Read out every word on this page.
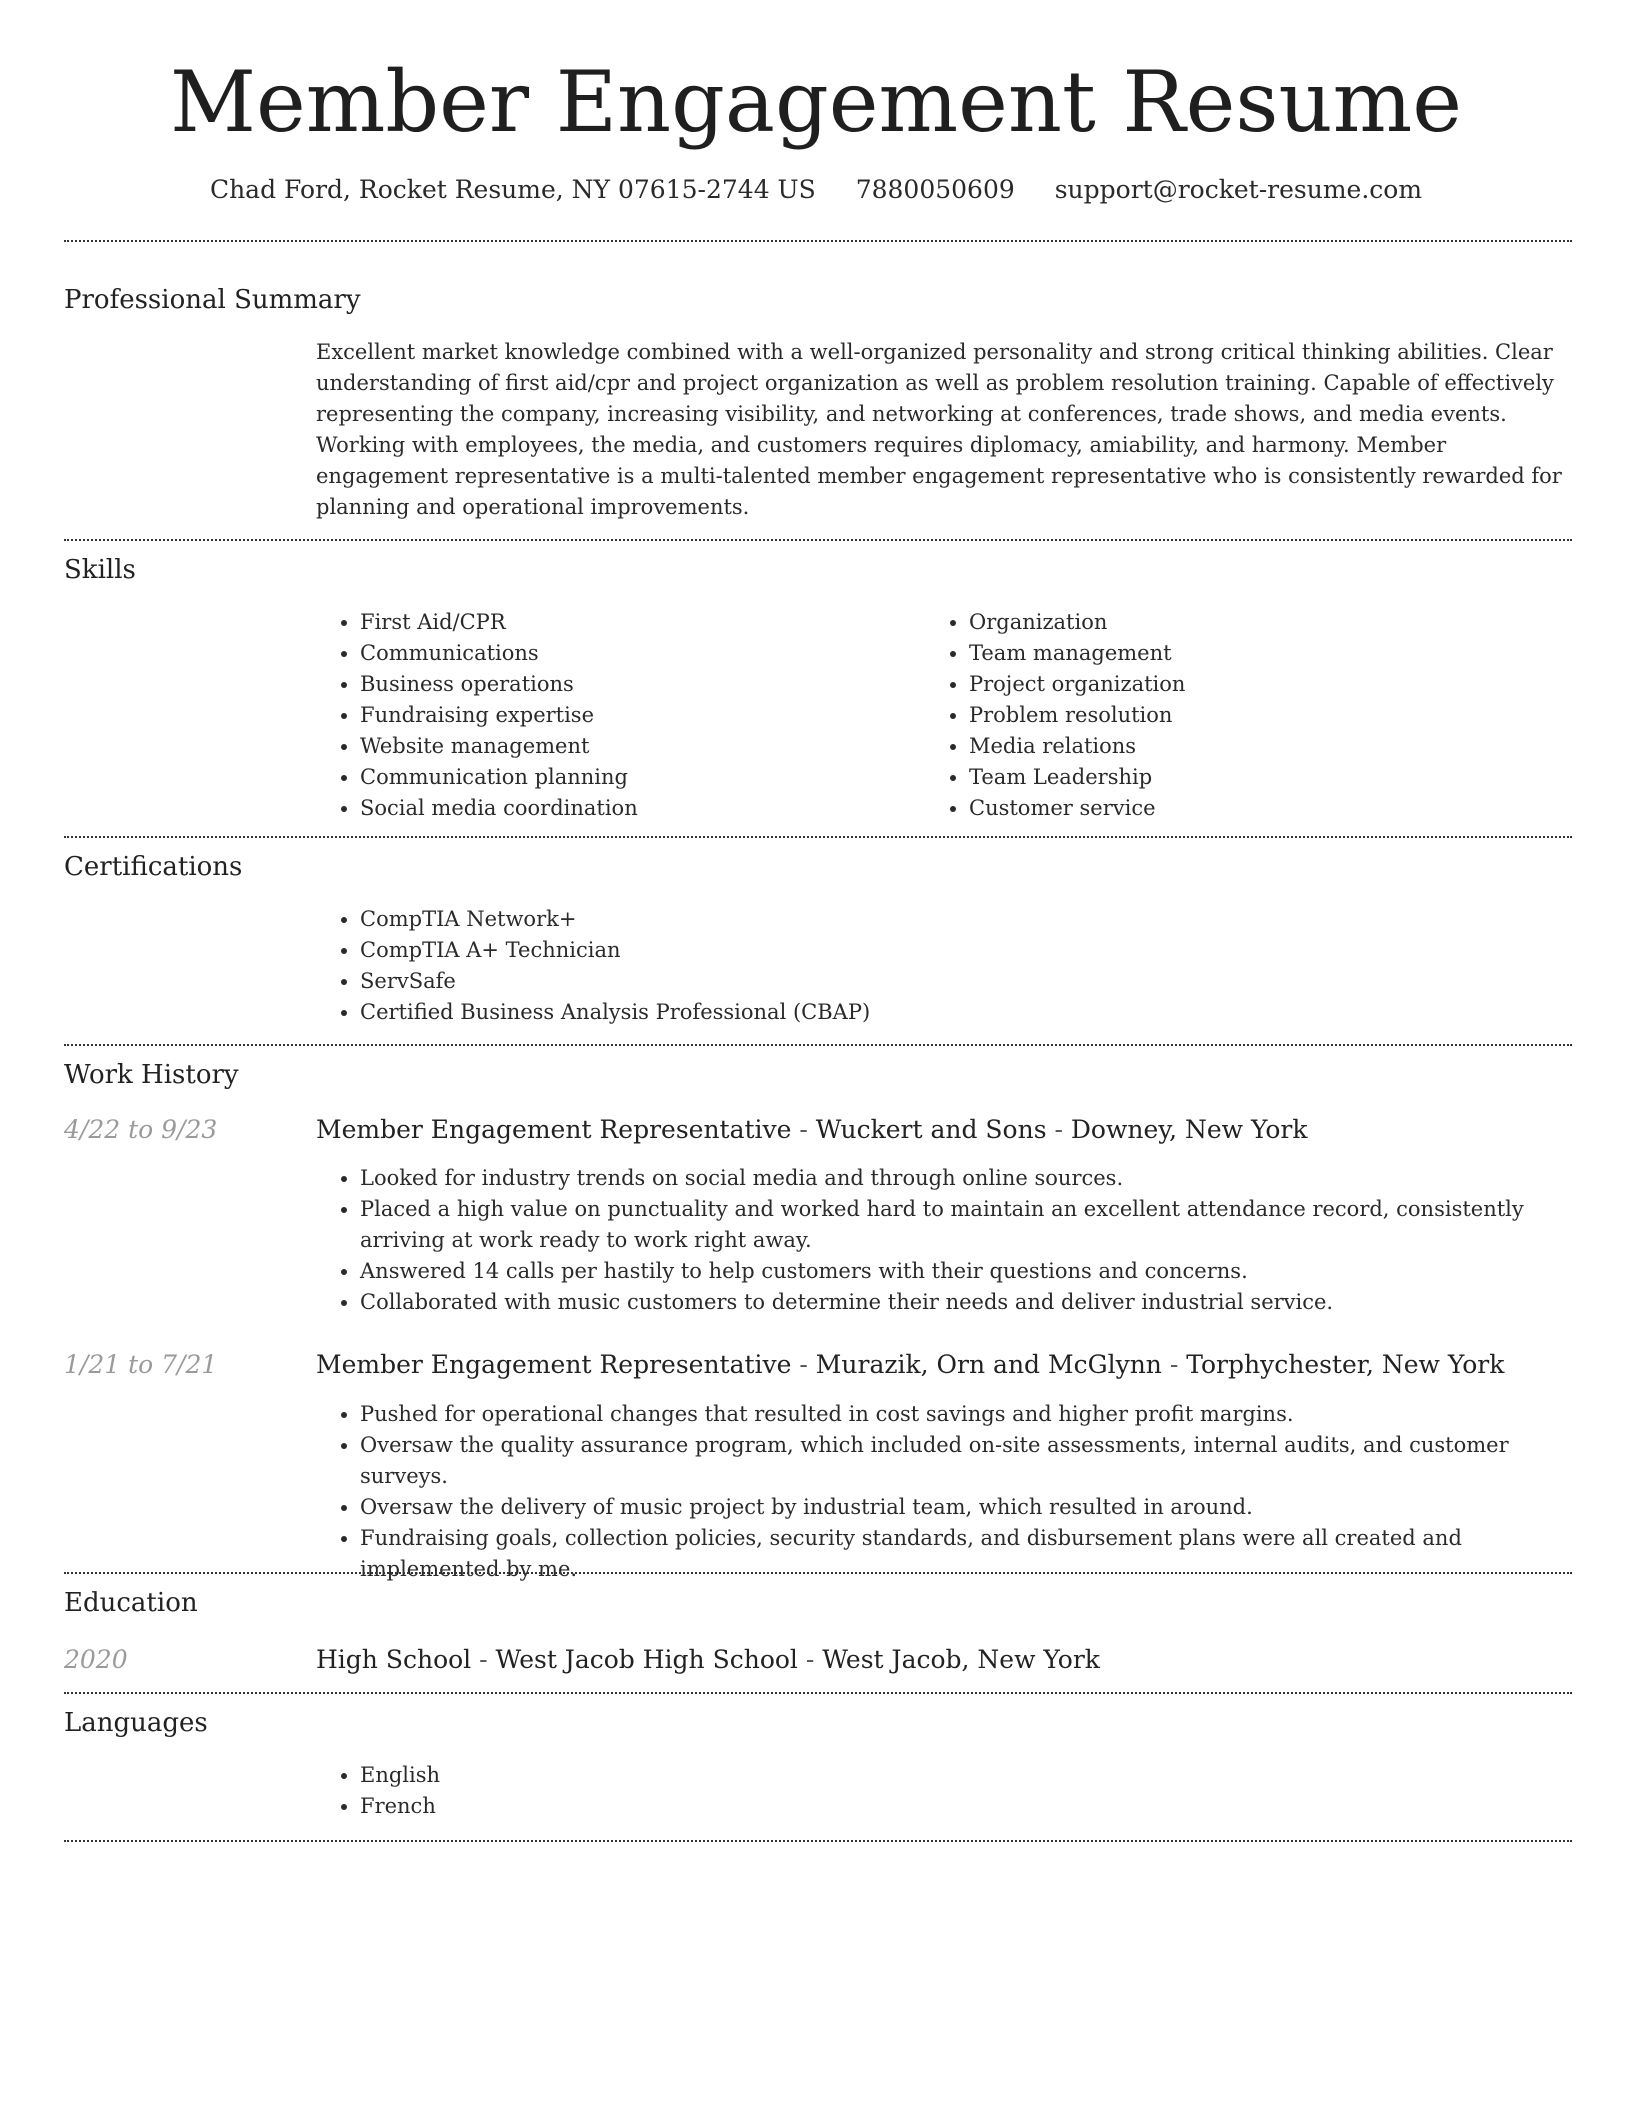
Member Engagement Resume
Chad Ford, Rocket Resume, NY 07615-2744 US 7880050609 support@rocket-resume.com
Professional Summary

Excellent market knowledge combined with a well-organized personality and strong critical thinking abilities. Clear understanding of first aid/cpr and project organization as well as problem resolution training. Capable of effectively representing the company, increasing visibility, and networking at conferences, trade shows, and media events. Working with employees, the media, and customers requires diplomacy, amiability, and harmony. Member engagement representative is a multi-talented member engagement representative who is consistently rewarded for planning and operational improvements.

Skills
• First Aid/CPR
• Communications
• Business operations
• Fundraising expertise
• Website management
• Communication planning
• Social media coordination
• Organization
• Team management
• Project organization
• Problem resolution
• Media relations
• Team Leadership
• Customer service
Certifications
• CompTIA Network+
• CompTIA A+ Technician
• ServSafe
• Certified Business Analysis Professional (CBAP)
Work History
4/22 to 9/23	Member Engagement Representative - Wuckert and Sons - Downey, New York
• Looked for industry trends on social media and through online sources.
• Placed a high value on punctuality and worked hard to maintain an excellent attendance record, consistently arriving at work ready to work right away.
• Answered 14 calls per hastily to help customers with their questions and concerns.
• Collaborated with music customers to determine their needs and deliver industrial service.
1/21 to 7/21	Member Engagement Representative - Murazik, Orn and McGlynn - Torphychester, New York
• Pushed for operational changes that resulted in cost savings and higher profit margins.
• Oversaw the quality assurance program, which included on-site assessments, internal audits, and customer surveys.
• Oversaw the delivery of music project by industrial team, which resulted in around.
• Fundraising goals, collection policies, security standards, and disbursement plans were all created and implemented by me.
Education
2020	High School - West Jacob High School - West Jacob, New York
Languages
• English
• French
